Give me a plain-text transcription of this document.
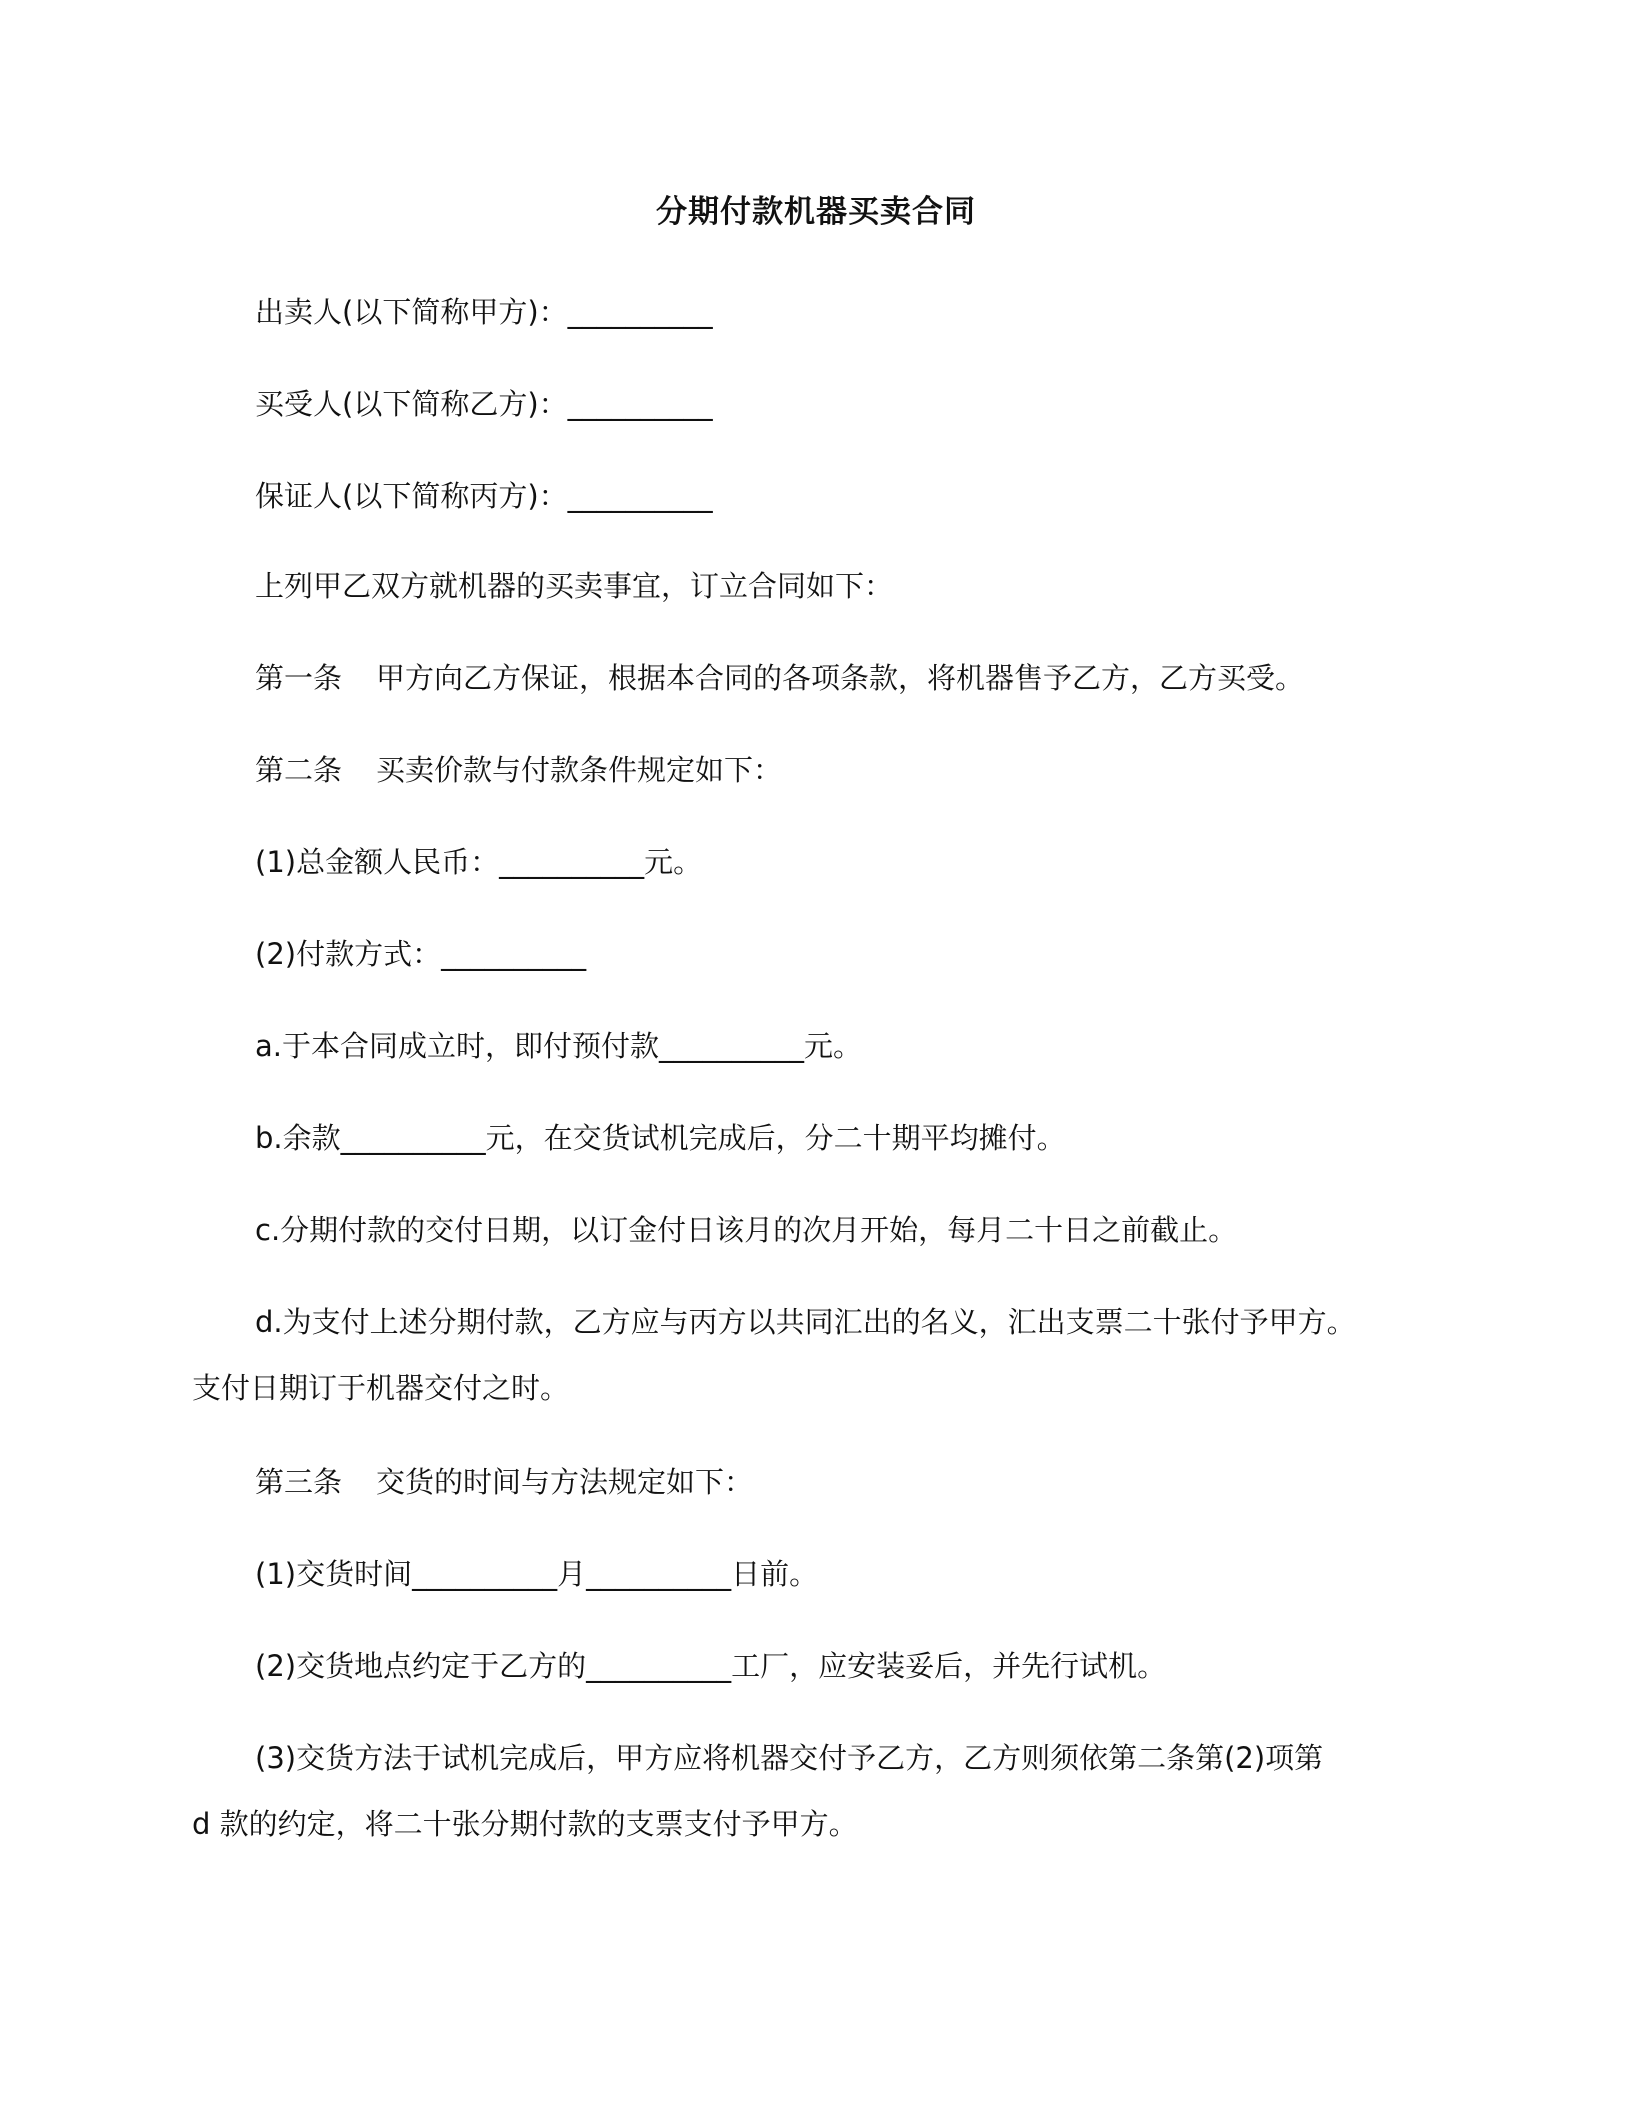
分期付款机器买卖合同
出卖人(以下简称甲方)：__________
买受人(以下简称乙方)：__________
保证人(以下简称丙方)：__________
上列甲乙双方就机器的买卖事宜，订立合同如下：
第一条 甲方向乙方保证，根据本合同的各项条款，将机器售予乙方，乙方买受。
第二条 买卖价款与付款条件规定如下：
(1)总金额人民币：__________元。
(2)付款方式：__________
a.于本合同成立时，即付预付款__________元。
b.余款__________元，在交货试机完成后，分二十期平均摊付。
c.分期付款的交付日期，以订金付日该月的次月开始，每月二十日之前截止。
d.为支付上述分期付款，乙方应与丙方以共同汇出的名义，汇出支票二十张付予甲方。
支付日期订于机器交付之时。
第三条 交货的时间与方法规定如下：
(1)交货时间__________月__________日前。
(2)交货地点约定于乙方的__________工厂，应安装妥后，并先行试机。
(3)交货方法于试机完成后，甲方应将机器交付予乙方，乙方则须依第二条第(2)项第
d 款的约定，将二十张分期付款的支票支付予甲方。
